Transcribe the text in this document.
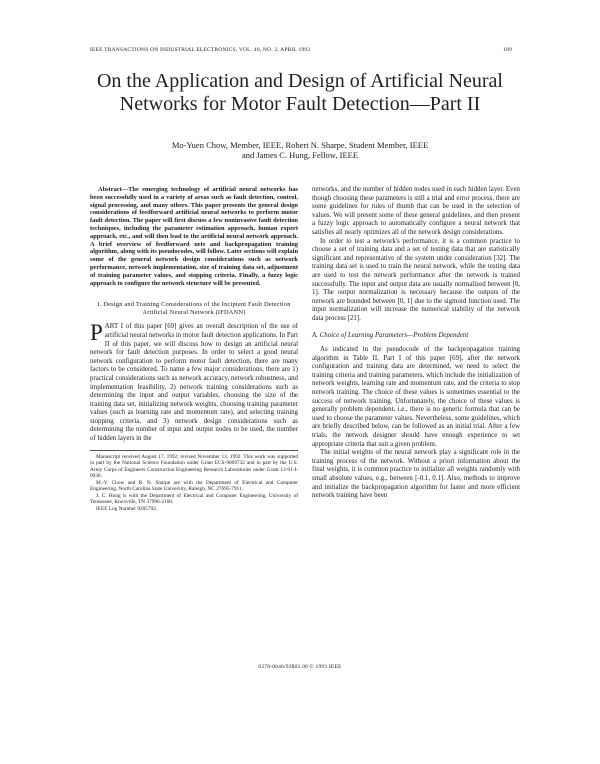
IEEE TRANSACTIONS ON INDUSTRIAL ELECTRONICS, VOL. 40, NO. 2, APRIL 1993	189
On the Application and Design of Artificial Neural Networks for Motor Fault Detection—Part II
Mo-Yuen Chow, Member, IEEE, Robert N. Sharpe, Student Member, IEEE
and James C. Hung, Fellow, IEEE

Abstract—The emerging technology of artificial neural networks has been successfully used in a variety of areas such as fault detection, control, signal processing, and many others. This paper presents the general design considerations of feedforward artificial neural networks to perform motor fault detection. The paper will first discuss a few noninvasive fault detection techniques, including the parameter estimation approach, human expert approach, etc., and will then lead to the artificial neural network approach. A brief overview of feedforward nets and backpropagation training algorithm, along with its pseudocodes, will follow. Later sections will explain some of the general network design considerations such as network performance, network implementation, size of training data set, adjustment of training parameter values, and stopping criteria. Finally, a fuzzy logic approach to configure the network structure will be presented.

I. Design and Training Considerations of the Incipient Fault Detection Artificial Neural Network (IFDANN)

PART I of this paper [69] gives an overall description of the use of artificial neural networks in motor fault detection applications. In Part II of this paper, we will discuss how to design an artificial neural network for fault detection purposes. In order to select a good neural network configuration to perform motor fault detection, there are many factors to be considered. To name a few major considerations, there are 1) practical considerations such as network accuracy, network robustness, and implementation feasibility, 2) network training considerations such as determining the input and output variables, choosing the size of the training data set, initializing network weights, choosing training parameter values (such as learning rate and momentum rate), and selecting training stopping criteria, and 3) network design considerations such as determining the number of input and output nodes to be used, the number of hidden layers in the

Manuscript received August 17, 1992; revised November 13, 1992. This work was supported in part by the National Science Foundation under Grant ECS-9009732 and in part by the U.S. Army Corps of Engineers Construction Engineering Research Laboratories under Grant 13-91-I-0038.

M.-Y. Chow and R. N. Sharpe are with the Department of Electrical and Computer Engineering, North Carolina State University, Raleigh, NC 27695-7911.

J. C. Hung is with the Department of Electrical and Computer Engineering, University of Tennessee, Knoxville, TN 37996-2100.

IEEE Log Number 9205792.

networks, and the number of hidden nodes used in each hidden layer. Even though choosing these parameters is still a trial and error process, there are some guidelines for rules of thumb that can be used in the selection of values. We will present some of these general guidelines, and then present a fuzzy logic approach to automatically configure a neural network that satisfies all nearly optimizes all of the network design considerations.

In order to test a network's performance, it is a common practice to choose a set of training data and a set of testing data that are statistically significant and representative of the system under consideration [32]. The training data set is used to train the neural network, while the testing data are used to test the network performance after the network is trained successfully. The input and output data are usually normalized between [0, 1]. The output normalization is necessary because the outputs of the network are bounded between [0, 1] due to the sigmoid function used. The input normalization will increase the numerical stability of the network data process [21].

A. Choice of Learning Parameters—Problem Dependent

As indicated in the pseudocode of the backpropagation training algorithm in Table II, Part I of this paper [69], after the network configuration and training data are determined, we need to select the training criteria and training parameters, which include the initialization of network weights, learning rate and momentum rate, and the criteria to stop network training. The choice of these values is sometimes essential to the success of network training. Unfortunately, the choice of these values is generally problem dependent, i.e., there is no generic formula that can be used to choose the parameter values. Nevertheless, some guidelines, which are briefly described below, can be followed as an initial trial. After a few trials, the network designer should have enough experience to set appropriate criteria that suit a given problem.

The initial weights of the neural network play a significant role in the training process of the network. Without a priori information about the final weights, it is common practice to initialize all weights randomly with small absolute values, e.g., between [-0.1, 0.1]. Also, methods to improve and initialize the backpropagation algorithm for faster and more efficient network training have been

0278-0046/93$03.00 © 1993 IEEE
